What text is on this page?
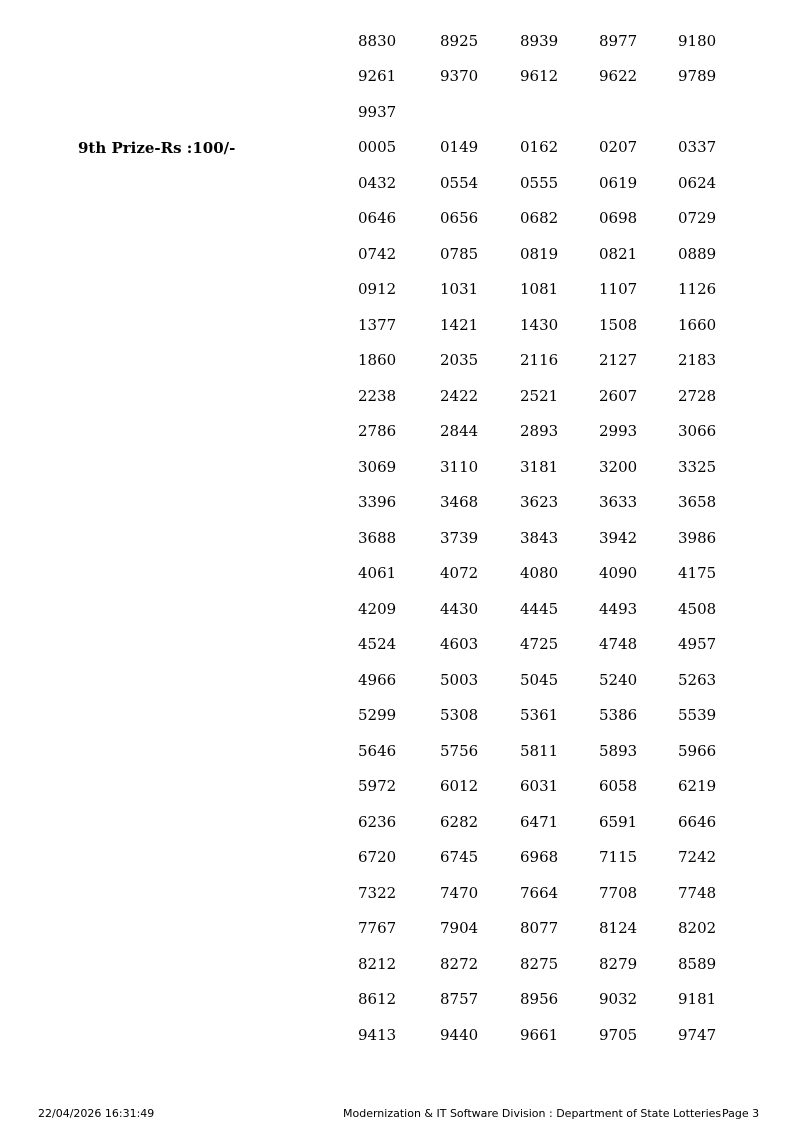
8830	8925	8939	8977	9180
9261	9370	9612	9622	9789
9937
9th Prize-Rs :100/-	0005	0149	0162	0207	0337
0432	0554	0555	0619	0624
0646	0656	0682	0698	0729
0742	0785	0819	0821	0889
0912	1031	1081	1107	1126
1377	1421	1430	1508	1660
1860	2035	2116	2127	2183
2238	2422	2521	2607	2728
2786	2844	2893	2993	3066
3069	3110	3181	3200	3325
3396	3468	3623	3633	3658
3688	3739	3843	3942	3986
4061	4072	4080	4090	4175
4209	4430	4445	4493	4508
4524	4603	4725	4748	4957
4966	5003	5045	5240	5263
5299	5308	5361	5386	5539
5646	5756	5811	5893	5966
5972	6012	6031	6058	6219
6236	6282	6471	6591	6646
6720	6745	6968	7115	7242
7322	7470	7664	7708	7748
7767	7904	8077	8124	8202
8212	8272	8275	8279	8589
8612	8757	8956	9032	9181
9413	9440	9661	9705	9747
22/04/2026 16:31:49	Modernization & IT Software Division : Department of State Lotteries Page 3
